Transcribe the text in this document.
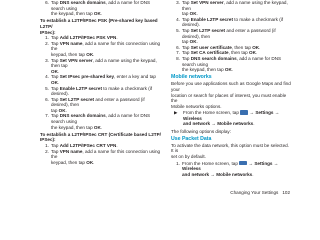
6. Tap DNS search domains, add a name for DNS search using
the keypad, then tap OK.

To establish a L2TP/IPSec PSK (Pre-shared key based L2TP/

IPSec):

1. Tap Add L2TP/IPSec PSK VPN.
2. Tap VPN name, add a name for this connection using the
keypad, then tap OK.
3. Tap Set VPN server, add a name using the keypad, then tap
OK.
4. Tap Set IPsec pre-shared key, enter a key and tap OK.
5. Tap Enable L2TP secret to make a checkmark (if desired).
6. Tap Set L2TP secret and enter a password (if desired), then
tap OK.
7. Tap DNS search domains, add a name for DNS search using
the keypad, then tap OK.

To establish a L2TP/IPSec CRT (Certificate based L2TP/

IPSec):

1. Tap Add L2TP/IPSec CRT VPN.
2. Tap VPN name, add a name for this connection using the
keypad, then tap OK.
3. Tap Set VPN server, add a name using the keypad, then
tap OK.
4. Tap Enable L2TP secret to make a checkmark (if desired).
5. Tap Set L2TP secret and enter a password (if desired), then
tap OK.
6. Tap Set user certificate, then tap OK.
7. Tap Set CA certificate, then tap OK.
8. Tap DNS search domains, add a name for DNS search using
the keypad, then tap OK.

Mobile networks

Before you use applications such as Google Maps and find your

location or search for places of interest, you must enable the

Mobile networks options.

▶ From the Home screen, tap  → Settings → Wireless
and network → Mobile networks.

The following options display:

Use Packet Data

To activate the data network, this option must be selected. It is

set on by default.

1. From the Home screen, tap  → Settings → Wireless
and network → Mobile networks.
Changing Your Settings 102
